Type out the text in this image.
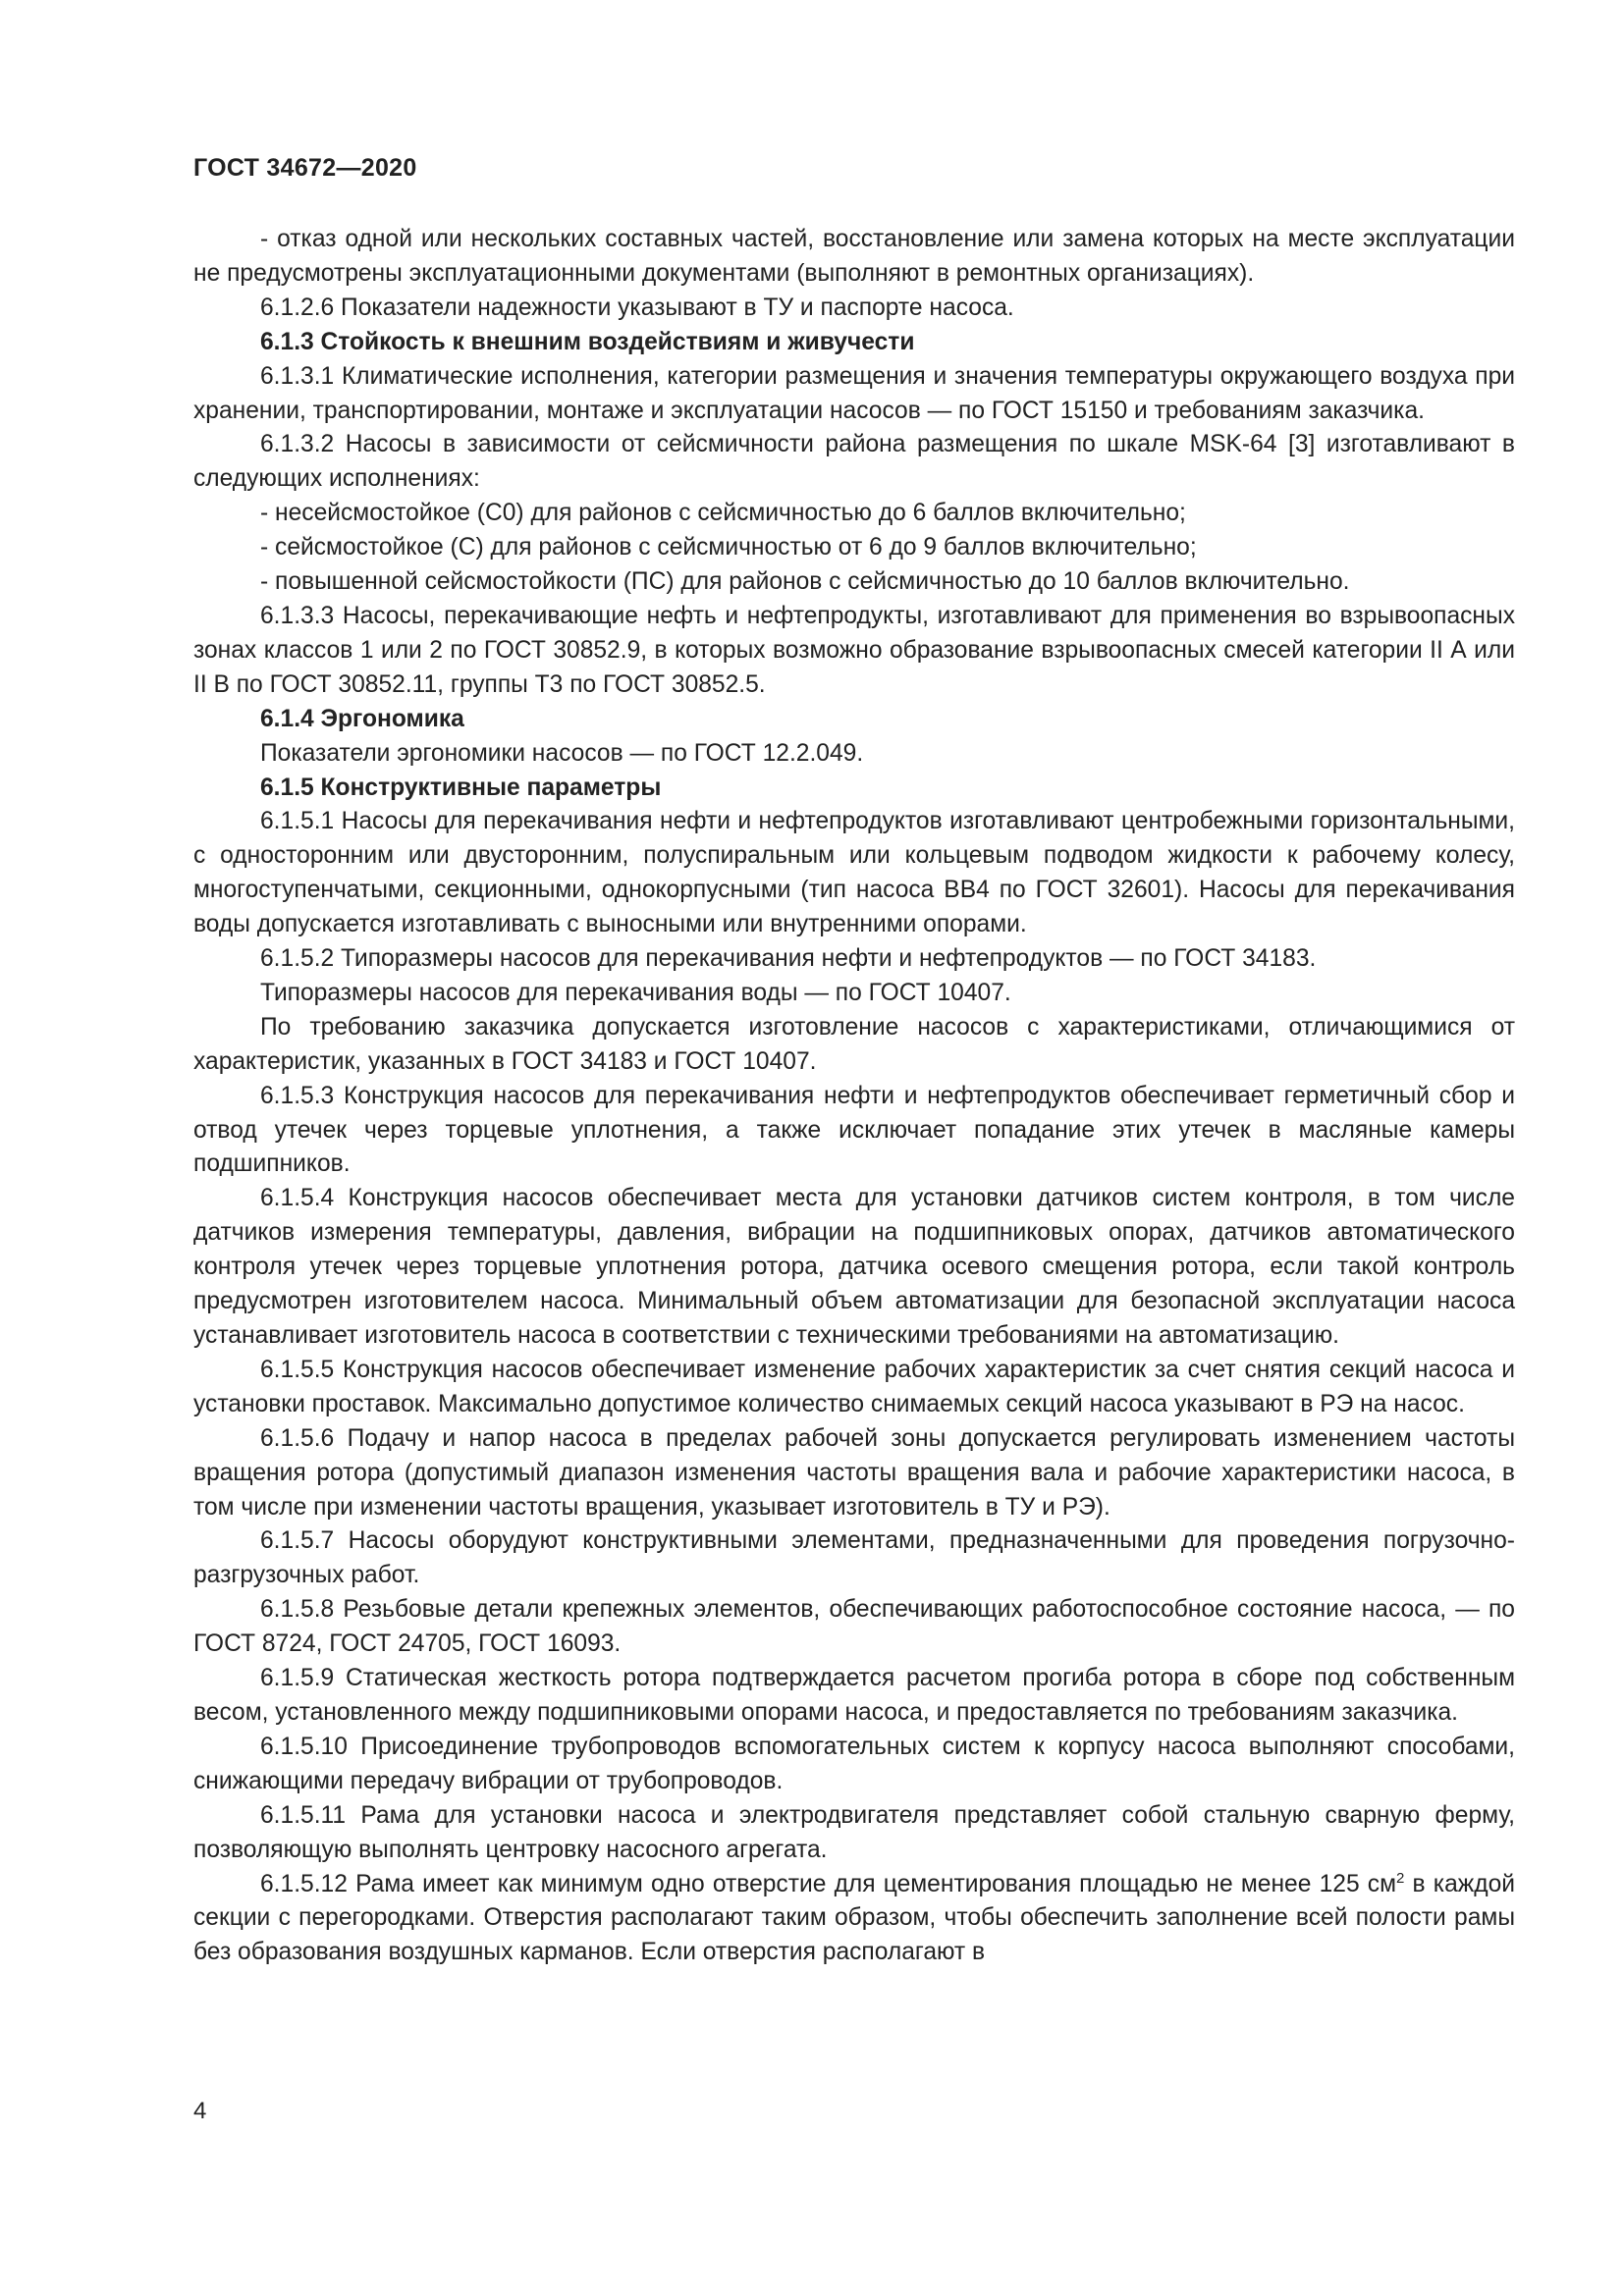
ГОСТ 34672—2020

- отказ одной или нескольких составных частей, восстановление или замена которых на месте эксплуатации не предусмотрены эксплуатационными документами (выполняют в ремонтных организациях).

6.1.2.6 Показатели надежности указывают в ТУ и паспорте насоса.

6.1.3 Стойкость к внешним воздействиям и живучести

6.1.3.1 Климатические исполнения, категории размещения и значения температуры окружающего воздуха при хранении, транспортировании, монтаже и эксплуатации насосов — по ГОСТ 15150 и требованиям заказчика.

6.1.3.2 Насосы в зависимости от сейсмичности района размещения по шкале MSK-64 [3] изготавливают в следующих исполнениях:

- несейсмостойкое (С0) для районов с сейсмичностью до 6 баллов включительно;

- сейсмостойкое (С) для районов с сейсмичностью от 6 до 9 баллов включительно;

- повышенной сейсмостойкости (ПС) для районов с сейсмичностью до 10 баллов включительно.

6.1.3.3 Насосы, перекачивающие нефть и нефтепродукты, изготавливают для применения во взрывоопасных зонах классов 1 или 2 по ГОСТ 30852.9, в которых возможно образование взрывоопасных смесей категории II А или II В по ГОСТ 30852.11, группы Т3 по ГОСТ 30852.5.

6.1.4 Эргономика

Показатели эргономики насосов — по ГОСТ 12.2.049.

6.1.5 Конструктивные параметры

6.1.5.1 Насосы для перекачивания нефти и нефтепродуктов изготавливают центробежными горизонтальными, с односторонним или двусторонним, полуспиральным или кольцевым подводом жидкости к рабочему колесу, многоступенчатыми, секционными, однокорпусными (тип насоса ВВ4 по ГОСТ 32601). Насосы для перекачивания воды допускается изготавливать с выносными или внутренними опорами.

6.1.5.2 Типоразмеры насосов для перекачивания нефти и нефтепродуктов — по ГОСТ 34183.

Типоразмеры насосов для перекачивания воды — по ГОСТ 10407.

По требованию заказчика допускается изготовление насосов с характеристиками, отличающимися от характеристик, указанных в ГОСТ 34183 и ГОСТ 10407.

6.1.5.3 Конструкция насосов для перекачивания нефти и нефтепродуктов обеспечивает герметичный сбор и отвод утечек через торцевые уплотнения, а также исключает попадание этих утечек в масляные камеры подшипников.

6.1.5.4 Конструкция насосов обеспечивает места для установки датчиков систем контроля, в том числе датчиков измерения температуры, давления, вибрации на подшипниковых опорах, датчиков автоматического контроля утечек через торцевые уплотнения ротора, датчика осевого смещения ротора, если такой контроль предусмотрен изготовителем насоса. Минимальный объем автоматизации для безопасной эксплуатации насоса устанавливает изготовитель насоса в соответствии с техническими требованиями на автоматизацию.

6.1.5.5 Конструкция насосов обеспечивает изменение рабочих характеристик за счет снятия секций насоса и установки проставок. Максимально допустимое количество снимаемых секций насоса указывают в РЭ на насос.

6.1.5.6 Подачу и напор насоса в пределах рабочей зоны допускается регулировать изменением частоты вращения ротора (допустимый диапазон изменения частоты вращения вала и рабочие характеристики насоса, в том числе при изменении частоты вращения, указывает изготовитель в ТУ и РЭ).

6.1.5.7 Насосы оборудуют конструктивными элементами, предназначенными для проведения погрузочно-разгрузочных работ.

6.1.5.8 Резьбовые детали крепежных элементов, обеспечивающих работоспособное состояние насоса, — по ГОСТ 8724, ГОСТ 24705, ГОСТ 16093.

6.1.5.9 Статическая жесткость ротора подтверждается расчетом прогиба ротора в сборе под собственным весом, установленного между подшипниковыми опорами насоса, и предоставляется по требованиям заказчика.

6.1.5.10 Присоединение трубопроводов вспомогательных систем к корпусу насоса выполняют способами, снижающими передачу вибрации от трубопроводов.

6.1.5.11 Рама для установки насоса и электродвигателя представляет собой стальную сварную ферму, позволяющую выполнять центровку насосного агрегата.

6.1.5.12 Рама имеет как минимум одно отверстие для цементирования площадью не менее 125 $см^2$ в каждой секции с перегородками. Отверстия располагают таким образом, чтобы обеспечить заполнение всей полости рамы без образования воздушных карманов. Если отверстия располагают в

4
